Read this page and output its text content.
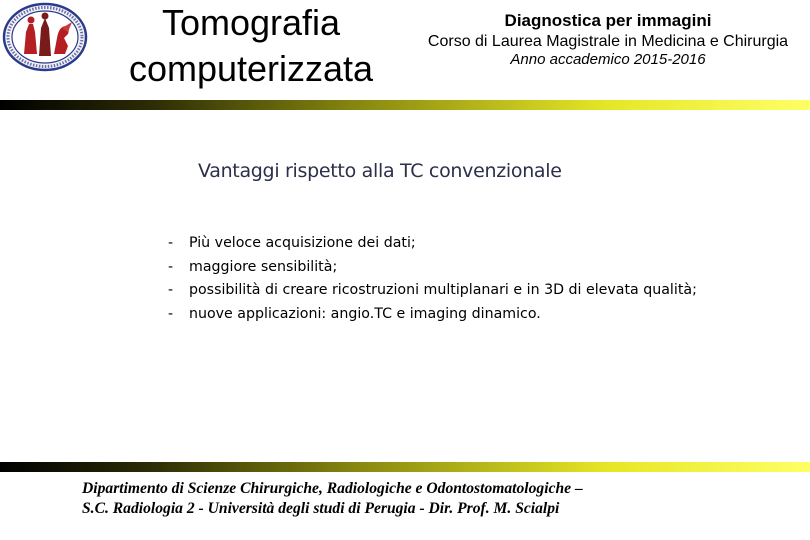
Tomografia
computerizzata
Diagnostica per immagini
Corso di Laurea Magistrale in Medicina e Chirurgia
Anno accademico 2015-2016
Vantaggi rispetto alla TC convenzionale
-	Più veloce acquisizione dei dati;
-	maggiore sensibilità;
-	possibilità di creare ricostruzioni multiplanari e in 3D di elevata qualità;
-	nuove applicazioni: angio.TC e imaging dinamico.
Dipartimento di Scienze Chirurgiche, Radiologiche e Odontostomatologiche –
S.C. Radiologia 2 - Università degli studi di Perugia - Dir. Prof. M. Scialpi
